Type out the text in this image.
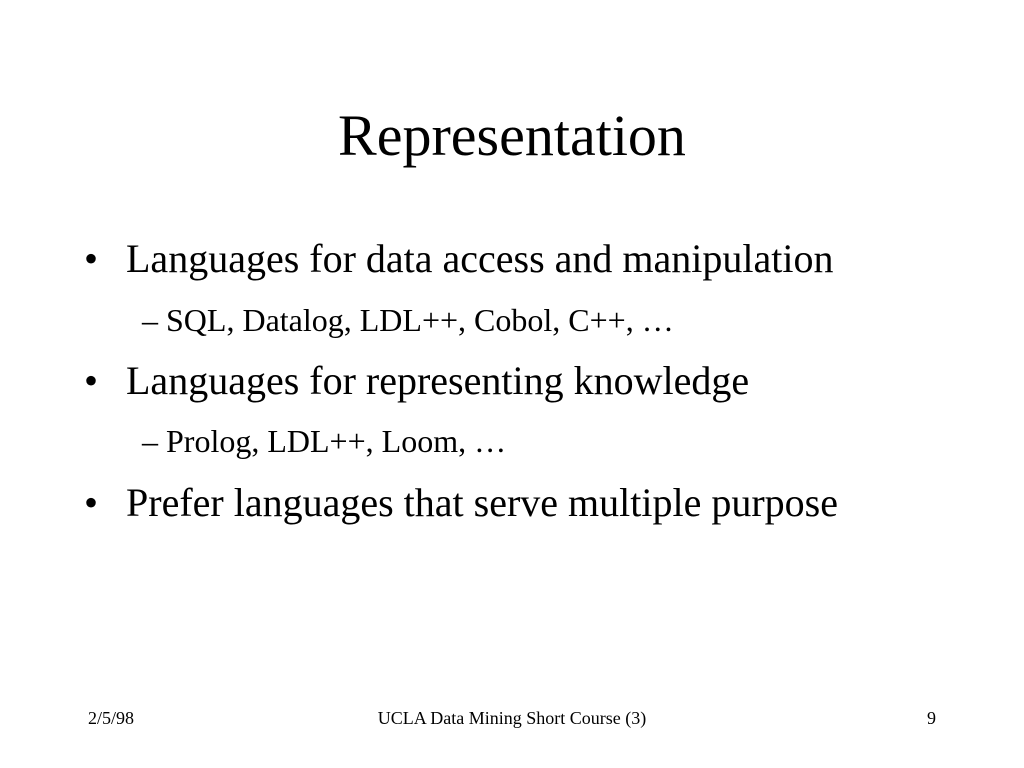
Representation
• Languages for data access and manipulation
– SQL, Datalog, LDL++, Cobol, C++, …
• Languages for representing knowledge
– Prolog, LDL++, Loom, …
• Prefer languages that serve multiple purpose
2/5/98	UCLA Data Mining Short Course (3)	9
